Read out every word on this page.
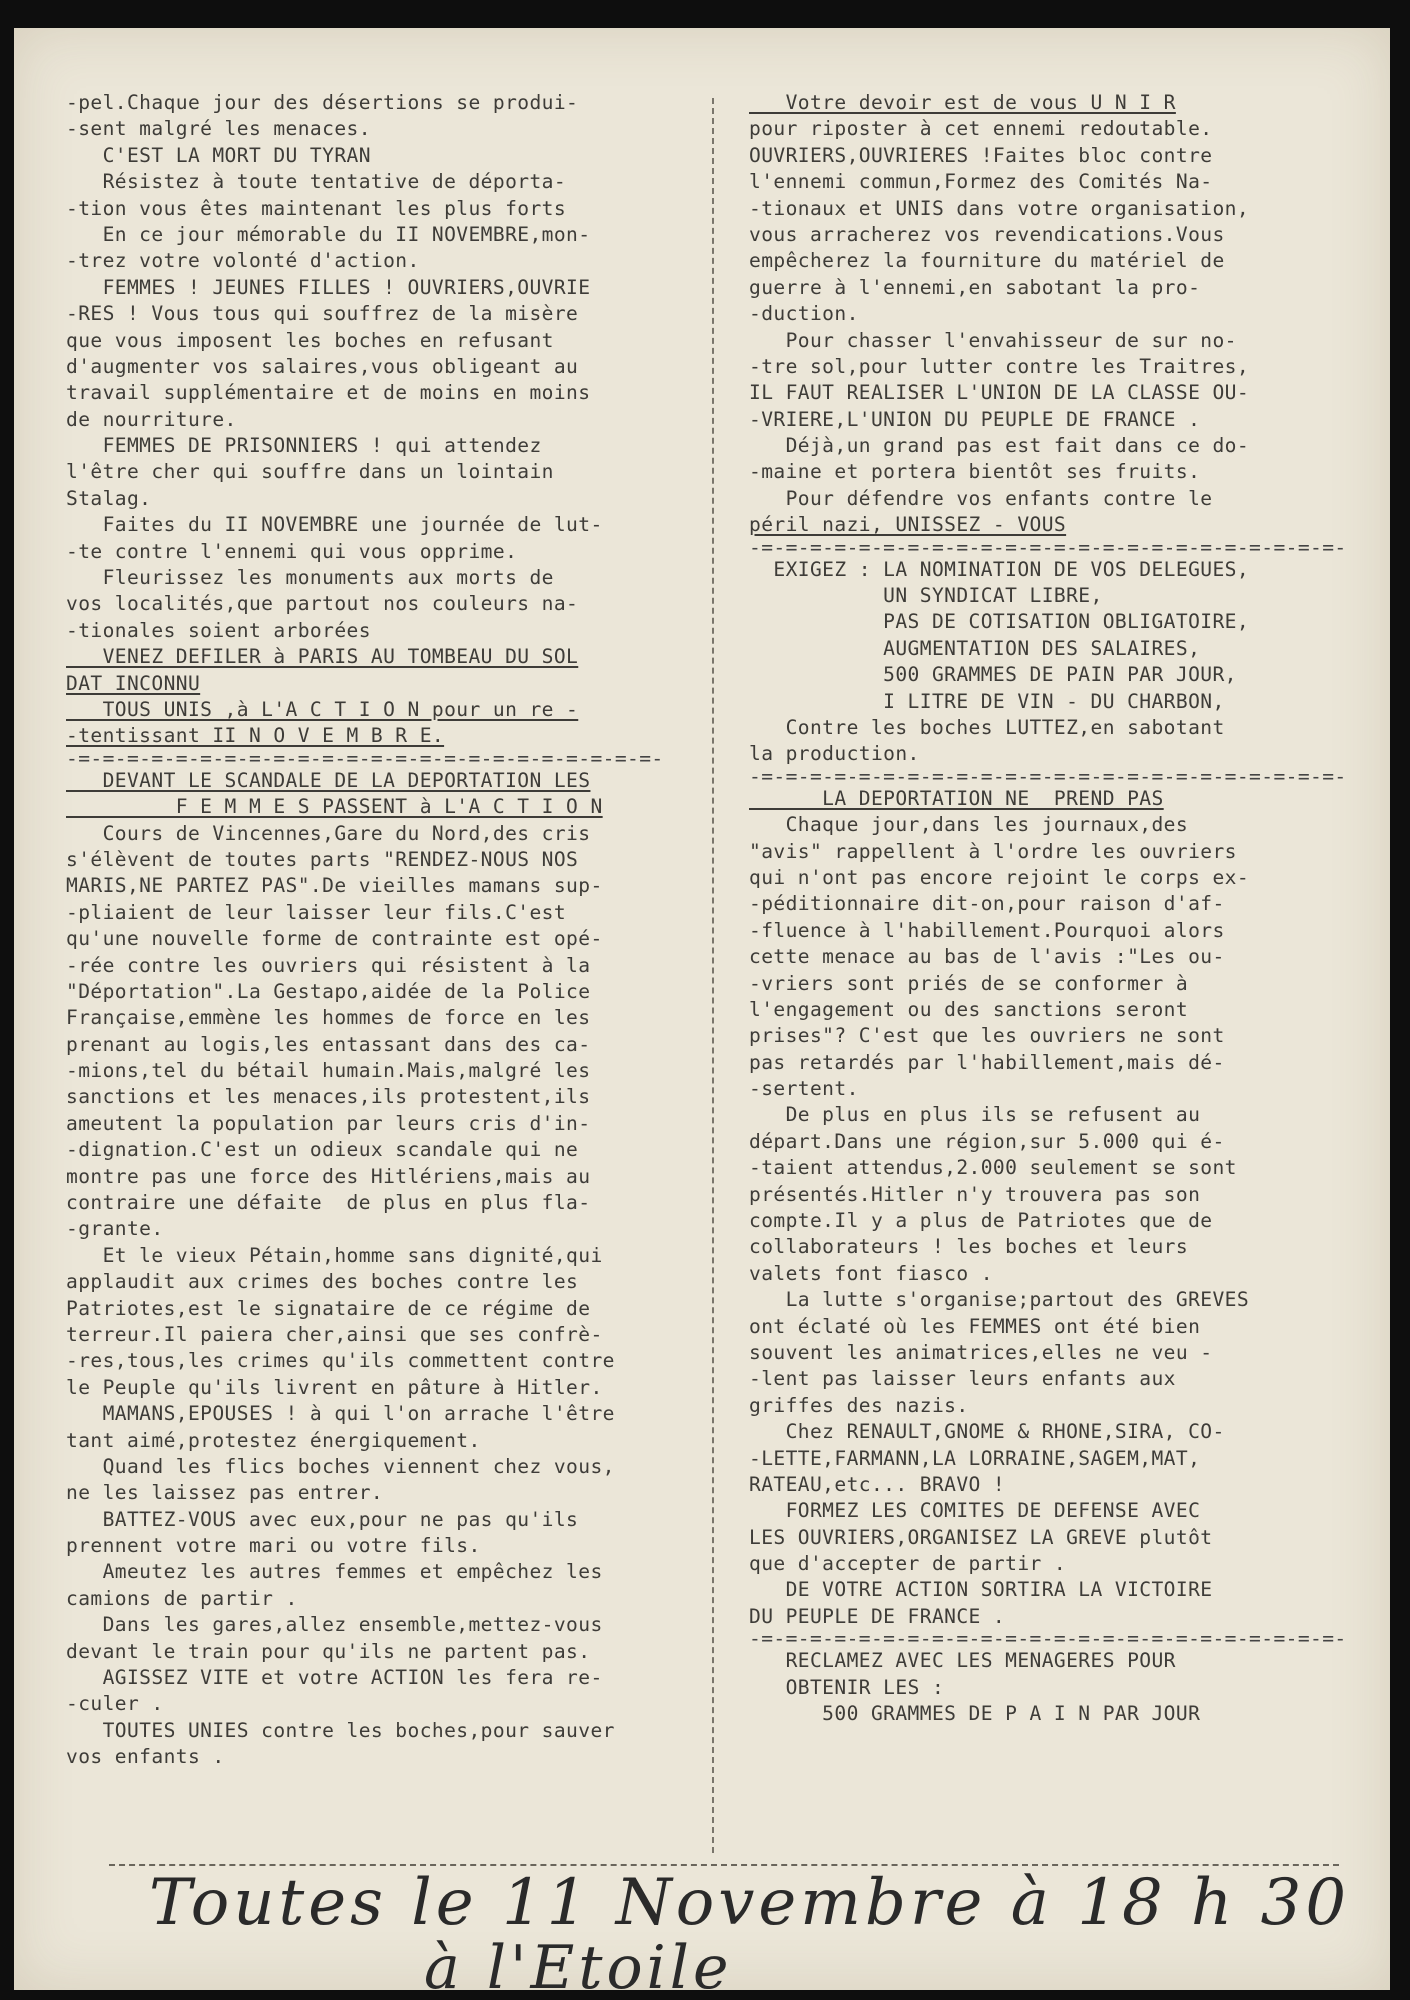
-pel.Chaque jour des désertions se produi-
-sent malgré les menaces.
C'EST LA MORT DU TYRAN
Résistez à toute tentative de déporta-
-tion vous êtes maintenant les plus forts
En ce jour mémorable du II NOVEMBRE,mon-
-trez votre volonté d'action.
FEMMES ! JEUNES FILLES ! OUVRIERS,OUVRIE
-RES ! Vous tous qui souffrez de la misère
que vous imposent les boches en refusant
d'augmenter vos salaires,vous obligeant au
travail supplémentaire et de moins en moins
de nourriture.
FEMMES DE PRISONNIERS ! qui attendez
l'être cher qui souffre dans un lointain
Stalag.
Faites du II NOVEMBRE une journée de lut-
-te contre l'ennemi qui vous opprime.
Fleurissez les monuments aux morts de
vos localités,que partout nos couleurs na-
-tionales soient arborées
VENEZ DEFILER à PARIS AU TOMBEAU DU SOL
DAT INCONNU
TOUS UNIS ,à L'A C T I O N pour un re -
-tentissant II N O V E M B R E.
-=-=-=-=-=-=-=-=-=-=-=-=-=-=-=-=-=-=-=-=-=-=-=-=-
DEVANT LE SCANDALE DE LA DEPORTATION LES
F E M M E S PASSENT à L'A C T I O N
Cours de Vincennes,Gare du Nord,des cris
s'élèvent de toutes parts "RENDEZ-NOUS NOS
MARIS,NE PARTEZ PAS".De vieilles mamans sup-
-pliaient de leur laisser leur fils.C'est
qu'une nouvelle forme de contrainte est opé-
-rée contre les ouvriers qui résistent à la
"Déportation".La Gestapo,aidée de la Police
Française,emmène les hommes de force en les
prenant au logis,les entassant dans des ca-
-mions,tel du bétail humain.Mais,malgré les
sanctions et les menaces,ils protestent,ils
ameutent la population par leurs cris d'in-
-dignation.C'est un odieux scandale qui ne
montre pas une force des Hitlériens,mais au
contraire une défaite  de plus en plus fla-
-grante.
Et le vieux Pétain,homme sans dignité,qui
applaudit aux crimes des boches contre les
Patriotes,est le signataire de ce régime de
terreur.Il paiera cher,ainsi que ses confrè-
-res,tous,les crimes qu'ils commettent contre
le Peuple qu'ils livrent en pâture à Hitler.
MAMANS,EPOUSES ! à qui l'on arrache l'être
tant aimé,protestez énergiquement.
Quand les flics boches viennent chez vous,
ne les laissez pas entrer.
BATTEZ-VOUS avec eux,pour ne pas qu'ils
prennent votre mari ou votre fils.
Ameutez les autres femmes et empêchez les
camions de partir .
Dans les gares,allez ensemble,mettez-vous
devant le train pour qu'ils ne partent pas.
AGISSEZ VITE et votre ACTION les fera re-
-culer .
TOUTES UNIES contre les boches,pour sauver
vos enfants .
Votre devoir est de vous U N I R
pour riposter à cet ennemi redoutable.
OUVRIERS,OUVRIERES !Faites bloc contre
l'ennemi commun,Formez des Comités Na-
-tionaux et UNIS dans votre organisation,
vous arracherez vos revendications.Vous
empêcherez la fourniture du matériel de
guerre à l'ennemi,en sabotant la pro-
-duction.
Pour chasser l'envahisseur de sur no-
-tre sol,pour lutter contre les Traitres,
IL FAUT REALISER L'UNION DE LA CLASSE OU-
-VRIERE,L'UNION DU PEUPLE DE FRANCE .
Déjà,un grand pas est fait dans ce do-
-maine et portera bientôt ses fruits.
Pour défendre vos enfants contre le
péril nazi, UNISSEZ - VOUS
-=-=-=-=-=-=-=-=-=-=-=-=-=-=-=-=-=-=-=-=-=-=-=-=-
EXIGEZ : LA NOMINATION DE VOS DELEGUES,
UN SYNDICAT LIBRE,
PAS DE COTISATION OBLIGATOIRE,
AUGMENTATION DES SALAIRES,
500 GRAMMES DE PAIN PAR JOUR,
I LITRE DE VIN - DU CHARBON,
Contre les boches LUTTEZ,en sabotant
la production.
-=-=-=-=-=-=-=-=-=-=-=-=-=-=-=-=-=-=-=-=-=-=-=-=-
LA DEPORTATION NE  PREND PAS
Chaque jour,dans les journaux,des
"avis" rappellent à l'ordre les ouvriers
qui n'ont pas encore rejoint le corps ex-
-péditionnaire dit-on,pour raison d'af-
-fluence à l'habillement.Pourquoi alors
cette menace au bas de l'avis :"Les ou-
-vriers sont priés de se conformer à
l'engagement ou des sanctions seront
prises"? C'est que les ouvriers ne sont
pas retardés par l'habillement,mais dé-
-sertent.
De plus en plus ils se refusent au
départ.Dans une région,sur 5.000 qui é-
-taient attendus,2.000 seulement se sont
présentés.Hitler n'y trouvera pas son
compte.Il y a plus de Patriotes que de
collaborateurs ! les boches et leurs
valets font fiasco .
La lutte s'organise;partout des GREVES
ont éclaté où les FEMMES ont été bien
souvent les animatrices,elles ne veu -
-lent pas laisser leurs enfants aux
griffes des nazis.
Chez RENAULT,GNOME & RHONE,SIRA, CO-
-LETTE,FARMANN,LA LORRAINE,SAGEM,MAT,
RATEAU,etc... BRAVO !
FORMEZ LES COMITES DE DEFENSE AVEC
LES OUVRIERS,ORGANISEZ LA GREVE plutôt
que d'accepter de partir .
DE VOTRE ACTION SORTIRA LA VICTOIRE
DU PEUPLE DE FRANCE .
-=-=-=-=-=-=-=-=-=-=-=-=-=-=-=-=-=-=-=-=-=-=-=-=-
RECLAMEZ AVEC LES MENAGERES POUR
OBTENIR LES :
500 GRAMMES DE P A I N PAR JOUR
Toutes le 11 Novembre à 18 h 30
à l'Etoile
